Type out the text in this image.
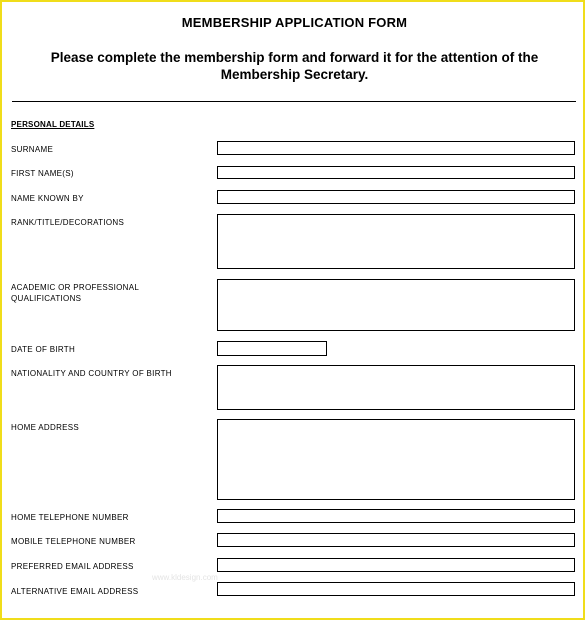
MEMBERSHIP APPLICATION FORM
Please complete the membership form and forward it for the attention of the Membership Secretary.
PERSONAL DETAILS
SURNAME
FIRST NAME(S)
NAME KNOWN BY
RANK/TITLE/DECORATIONS
ACADEMIC OR PROFESSIONAL QUALIFICATIONS
DATE OF BIRTH
NATIONALITY AND COUNTRY OF BIRTH
HOME ADDRESS
HOME TELEPHONE NUMBER
MOBILE TELEPHONE NUMBER
PREFERRED EMAIL ADDRESS
ALTERNATIVE EMAIL ADDRESS
www.kldesign.com
